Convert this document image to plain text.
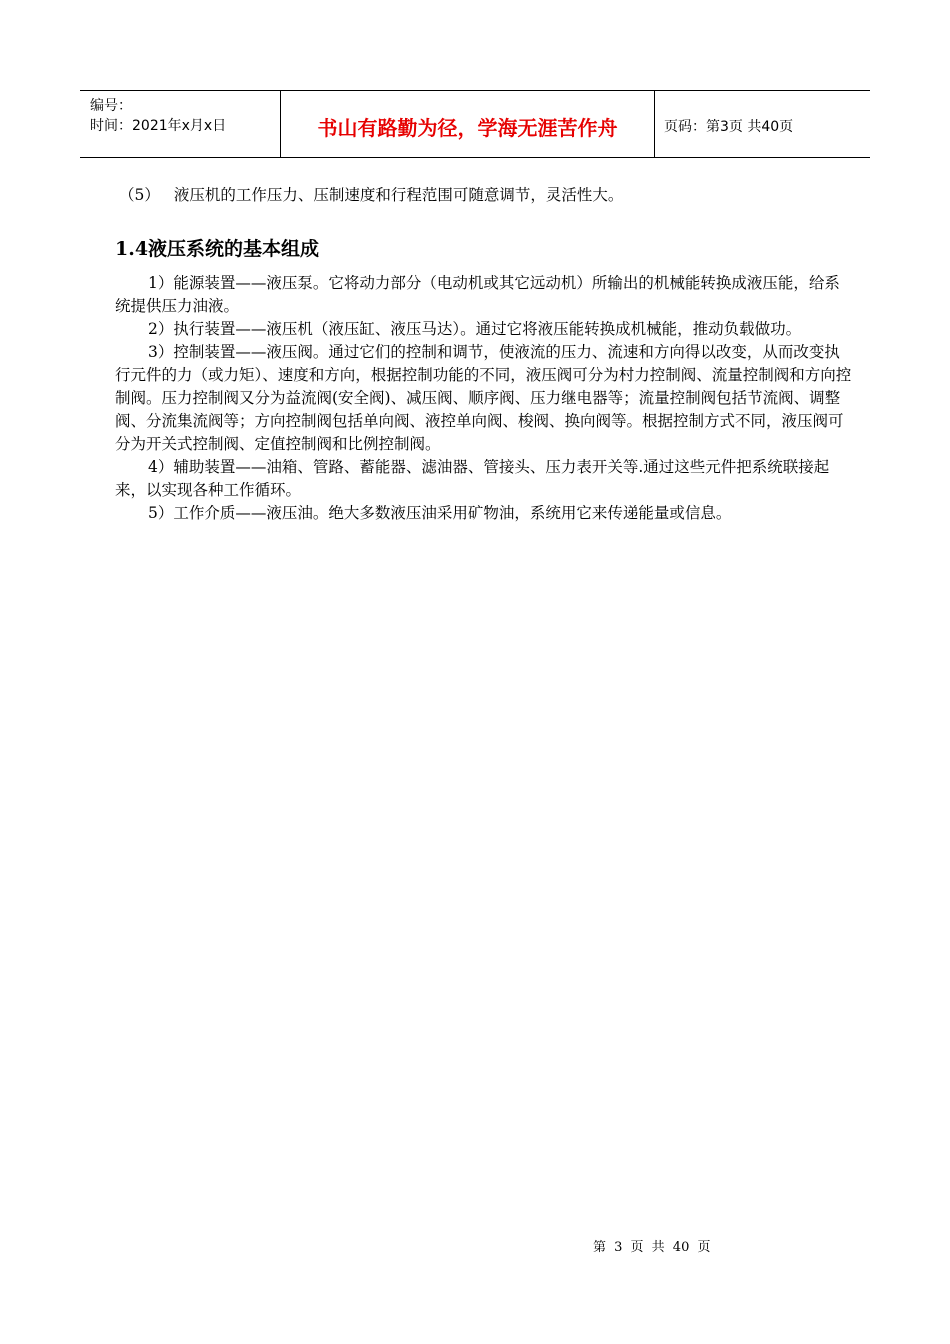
编号：
时间：2021年x月x日	书山有路勤为径，学海无涯苦作舟	页码：第3页 共40页
（5） 液压机的工作压力、压制速度和行程范围可随意调节，灵活性大。
1.4液压系统的基本组成

1）能源装置——液压泵。它将动力部分（电动机或其它远动机）所输出的机械能转换成液压能，给系统提供压力油液。

2）执行装置——液压机（液压缸、液压马达）。通过它将液压能转换成机械能，推动负载做功。

3）控制装置——液压阀。通过它们的控制和调节，使液流的压力、流速和方向得以改变，从而改变执行元件的力（或力矩）、速度和方向，根据控制功能的不同，液压阀可分为村力控制阀、流量控制阀和方向控制阀。压力控制阀又分为益流阀(安全阀)、减压阀、顺序阀、压力继电器等；流量控制阀包括节流阀、调整阀、分流集流阀等；方向控制阀包括单向阀、液控单向阀、梭阀、换向阀等。根据控制方式不同，液压阀可分为开关式控制阀、定值控制阀和比例控制阀。

4）辅助装置——油箱、管路、蓄能器、滤油器、管接头、压力表开关等.通过这些元件把系统联接起来，以实现各种工作循环。

5）工作介质——液压油。绝大多数液压油采用矿物油，系统用它来传递能量或信息。

第 3 页 共 40 页
